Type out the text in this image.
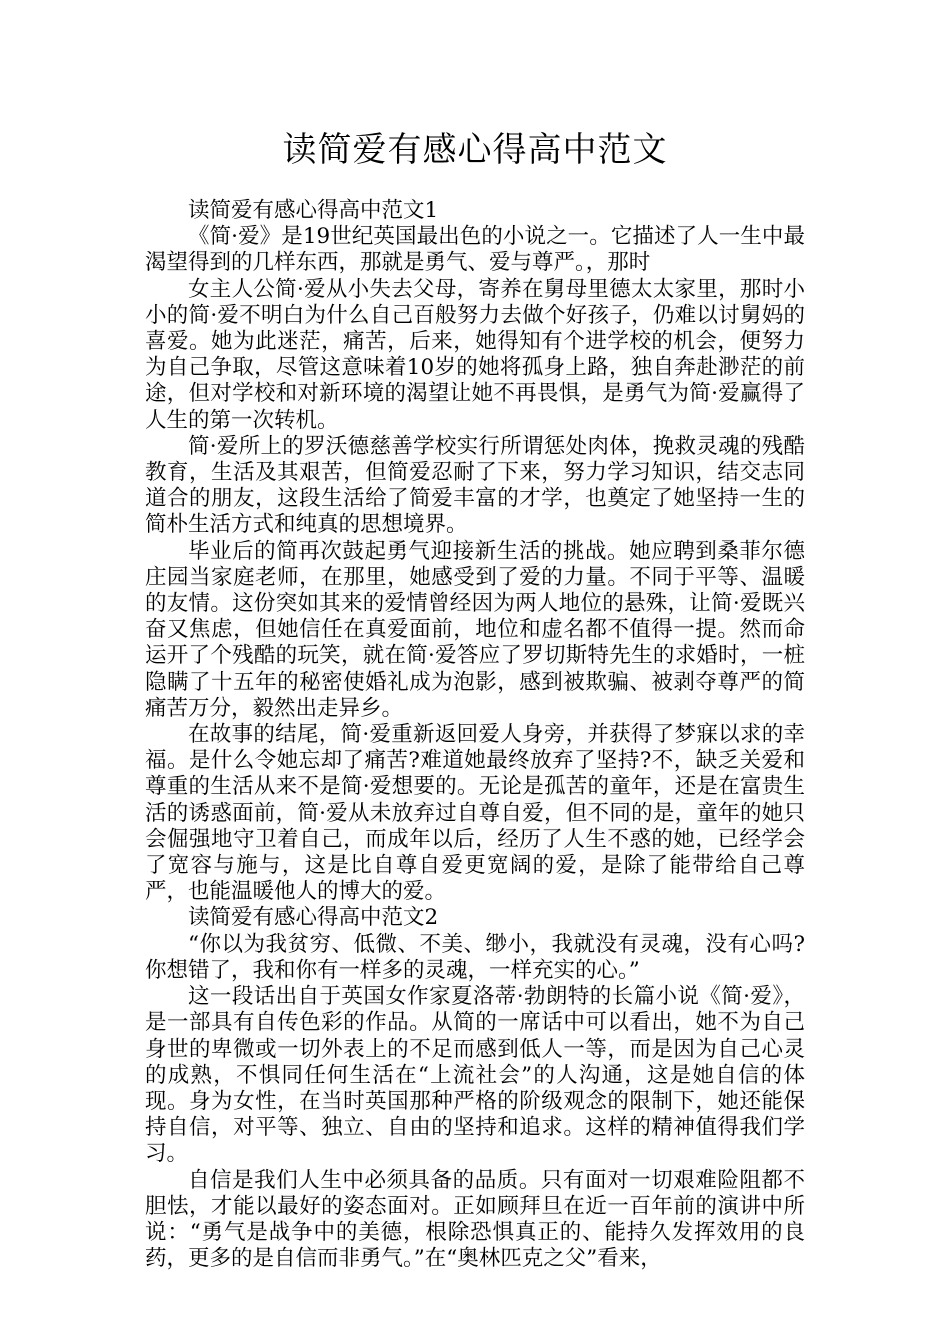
读简爱有感心得高中范文

读简爱有感心得高中范文1

《简·爱》是19世纪英国最出色的小说之一。它描述了人一生中最渴望得到的几样东西，那就是勇气、爱与尊严。，那时

女主人公简·爱从小失去父母，寄养在舅母里德太太家里，那时小小的简·爱不明白为什么自己百般努力去做个好孩子，仍难以讨舅妈的喜爱。她为此迷茫，痛苦，后来，她得知有个进学校的机会，便努力为自己争取，尽管这意味着10岁的她将孤身上路，独自奔赴渺茫的前途，但对学校和对新环境的渴望让她不再畏惧，是勇气为简·爱赢得了人生的第一次转机。

简·爱所上的罗沃德慈善学校实行所谓惩处肉体，挽救灵魂的残酷教育，生活及其艰苦，但简爱忍耐了下来，努力学习知识，结交志同道合的朋友，这段生活给了简爱丰富的才学，也奠定了她坚持一生的简朴生活方式和纯真的思想境界。

毕业后的简再次鼓起勇气迎接新生活的挑战。她应聘到桑菲尔德庄园当家庭老师，在那里，她感受到了爱的力量。不同于平等、温暖的友情。这份突如其来的爱情曾经因为两人地位的悬殊，让简·爱既兴奋又焦虑，但她信任在真爱面前，地位和虚名都不值得一提。然而命运开了个残酷的玩笑，就在简·爱答应了罗切斯特先生的求婚时，一桩隐瞒了十五年的秘密使婚礼成为泡影，感到被欺骗、被剥夺尊严的简痛苦万分，毅然出走异乡。

在故事的结尾，简·爱重新返回爱人身旁，并获得了梦寐以求的幸福。是什么令她忘却了痛苦?难道她最终放弃了坚持?不，缺乏关爱和尊重的生活从来不是简·爱想要的。无论是孤苦的童年，还是在富贵生活的诱惑面前，简·爱从未放弃过自尊自爱，但不同的是，童年的她只会倔强地守卫着自己，而成年以后，经历了人生不惑的她，已经学会了宽容与施与，这是比自尊自爱更宽阔的爱，是除了能带给自己尊严，也能温暖他人的博大的爱。

读简爱有感心得高中范文2

“你以为我贫穷、低微、不美、缈小，我就没有灵魂，没有心吗?你想错了，我和你有一样多的灵魂，一样充实的心。”

这一段话出自于英国女作家夏洛蒂·勃朗特的长篇小说《简·爱》，是一部具有自传色彩的作品。从简的一席话中可以看出，她不为自己身世的卑微或一切外表上的不足而感到低人一等，而是因为自己心灵的成熟，不惧同任何生活在“上流社会”的人沟通，这是她自信的体现。身为女性，在当时英国那种严格的阶级观念的限制下，她还能保持自信，对平等、独立、自由的坚持和追求。这样的精神值得我们学习。

自信是我们人生中必须具备的品质。只有面对一切艰难险阻都不胆怯，才能以最好的姿态面对。正如顾拜旦在近一百年前的演讲中所说：“勇气是战争中的美德，根除恐惧真正的、能持久发挥效用的良药，更多的是自信而非勇气。”在“奥林匹克之父”看来，
